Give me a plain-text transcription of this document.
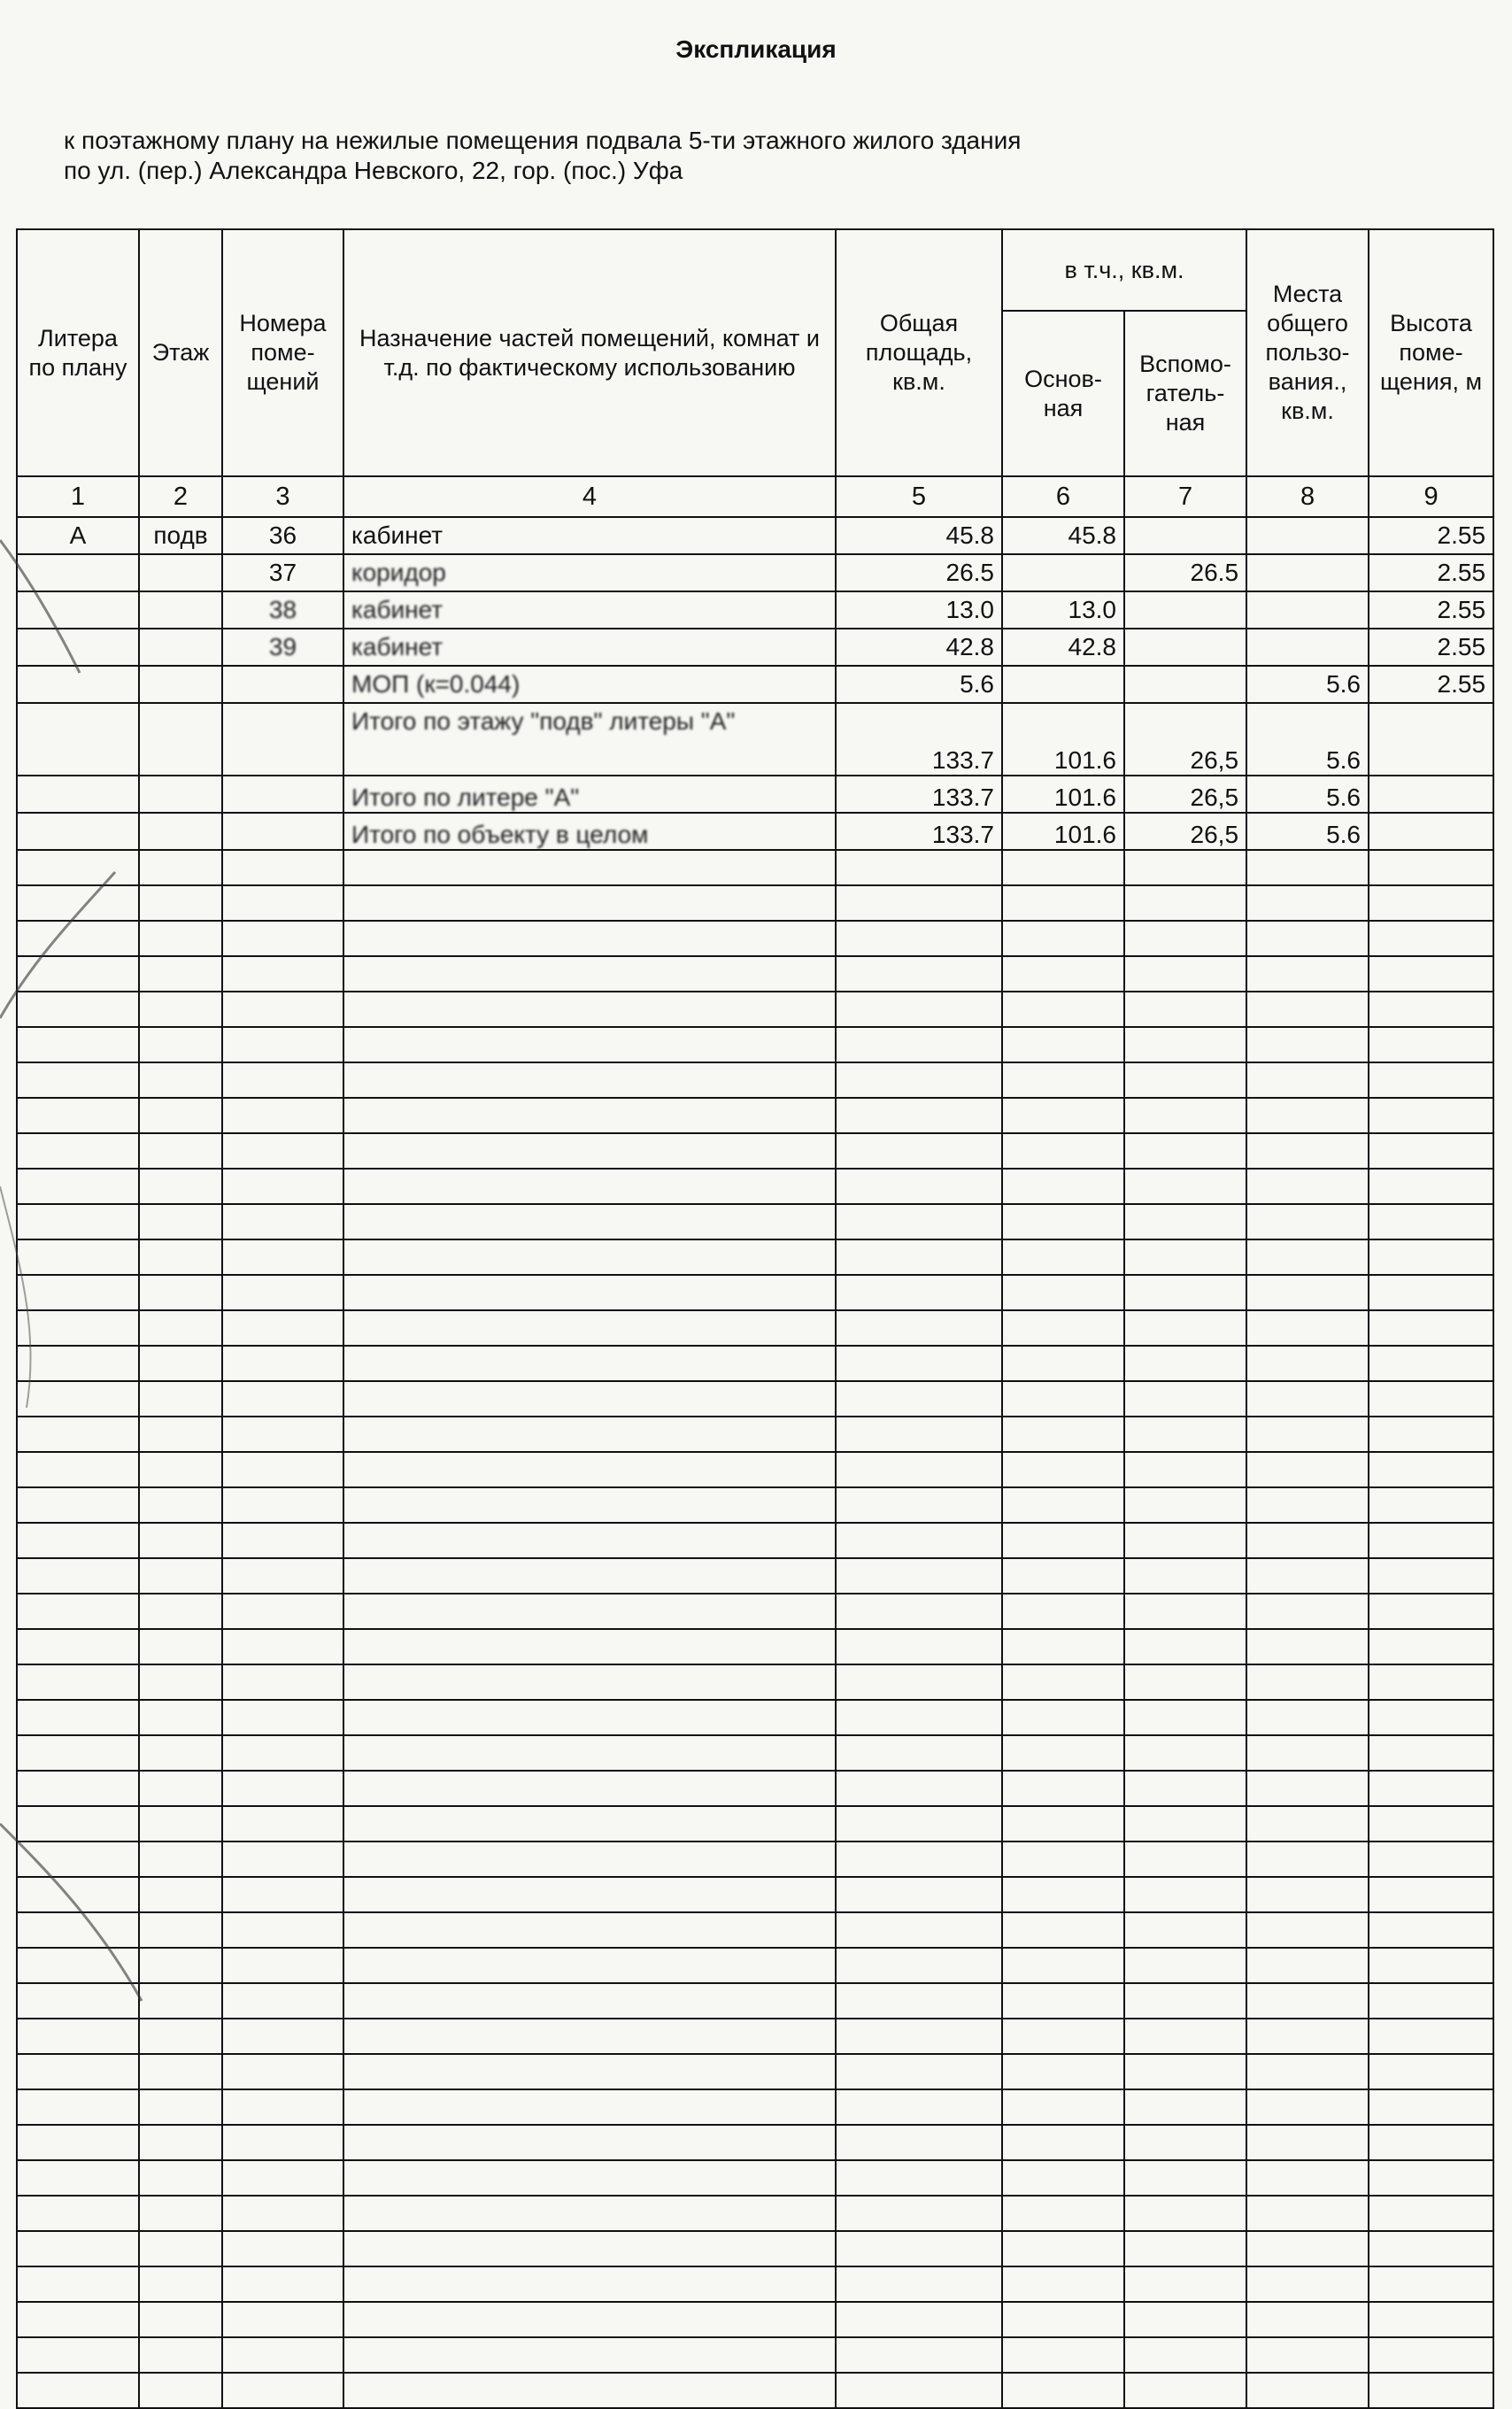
Экспликация
к поэтажному плану на нежилые помещения подвала 5-ти этажного жилого здания
по ул. (пер.) Александра Невского, 22, гор. (пос.) Уфа
Литера по плану	Этаж	Номера поме-щений	Назначение частей помещений, комнат и т.д. по фактическому использованию	Общая площадь, кв.м.	в т.ч., кв.м.		Места общего пользо-вания., кв.м.	Высота поме-щения, м
					Основ-ная	Вспомо-гатель-ная		
1	2	3	4	5	6	7	8	9
А	подв	36	кабинет	45.8	45.8			2.55
		37	коридор	26.5		26.5		2.55
		38	кабинет	13.0	13.0			2.55
		39	кабинет	42.8	42.8			2.55
			МОП (к=0.044)	5.6			5.6	2.55
			Итого по этажу "подв" литеры "А"	133.7	101.6	26,5	5.6	
			Итого по литере "А"	133.7	101.6	26,5	5.6	
			Итого по объекту в целом	133.7	101.6	26,5	5.6	
